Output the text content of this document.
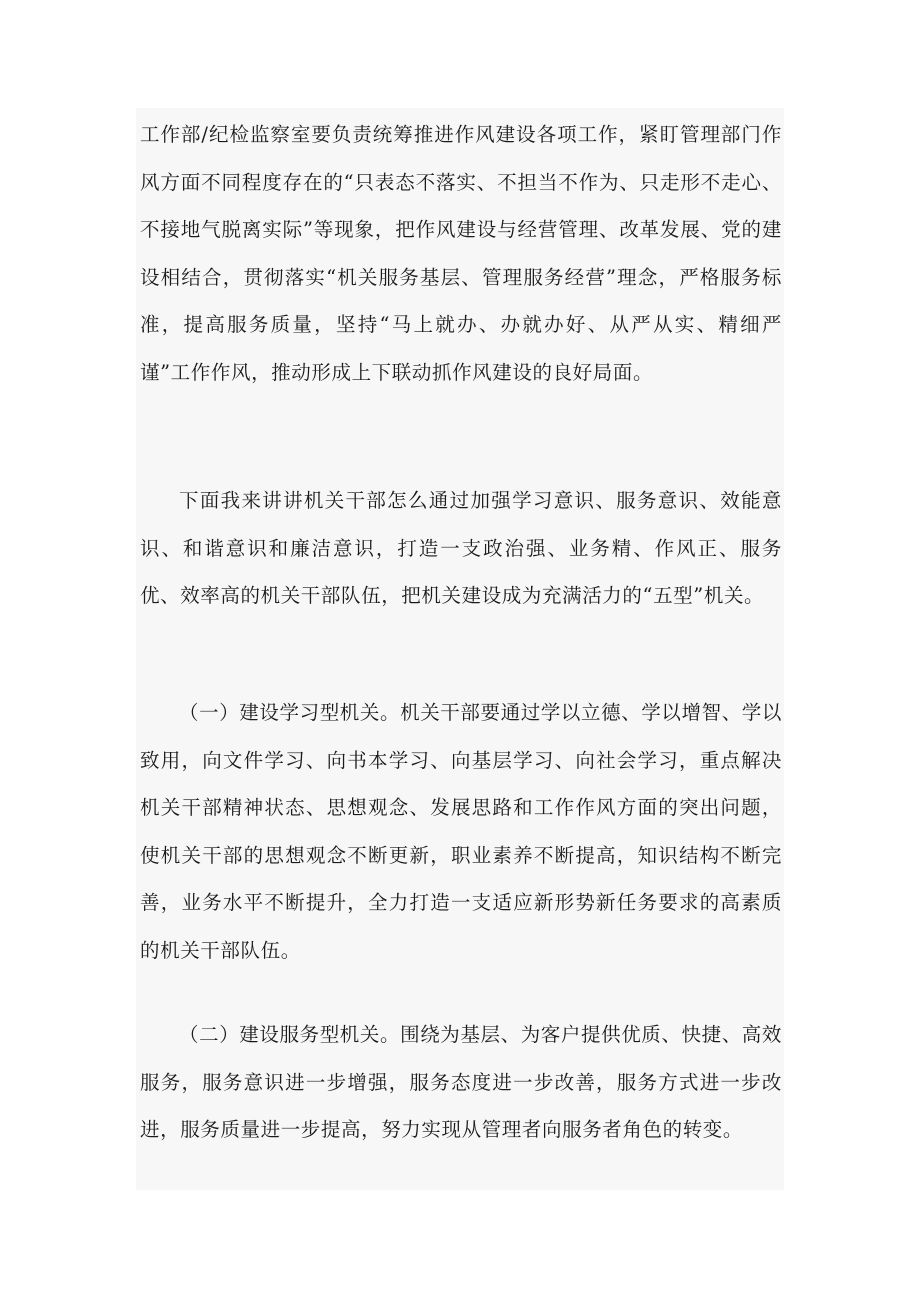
工作部/纪检监察室要负责统筹推进作风建设各项工作，紧盯管理部门作风方面不同程度存在的“只表态不落实、不担当不作为、只走形不走心、不接地气脱离实际”等现象，把作风建设与经营管理、改革发展、党的建设相结合，贯彻落实“机关服务基层、管理服务经营”理念，严格服务标准，提高服务质量，坚持“马上就办、办就办好、从严从实、精细严谨”工作作风，推动形成上下联动抓作风建设的良好局面。

下面我来讲讲机关干部怎么通过加强学习意识、服务意识、效能意识、和谐意识和廉洁意识，打造一支政治强、业务精、作风正、服务优、效率高的机关干部队伍，把机关建设成为充满活力的“五型”机关。

（一）建设学习型机关。机关干部要通过学以立德、学以增智、学以致用，向文件学习、向书本学习、向基层学习、向社会学习，重点解决机关干部精神状态、思想观念、发展思路和工作作风方面的突出问题，使机关干部的思想观念不断更新，职业素养不断提高，知识结构不断完善，业务水平不断提升，全力打造一支适应新形势新任务要求的高素质的机关干部队伍。

（二）建设服务型机关。围绕为基层、为客户提供优质、快捷、高效服务，服务意识进一步增强，服务态度进一步改善，服务方式进一步改进，服务质量进一步提高，努力实现从管理者向服务者角色的转变。
